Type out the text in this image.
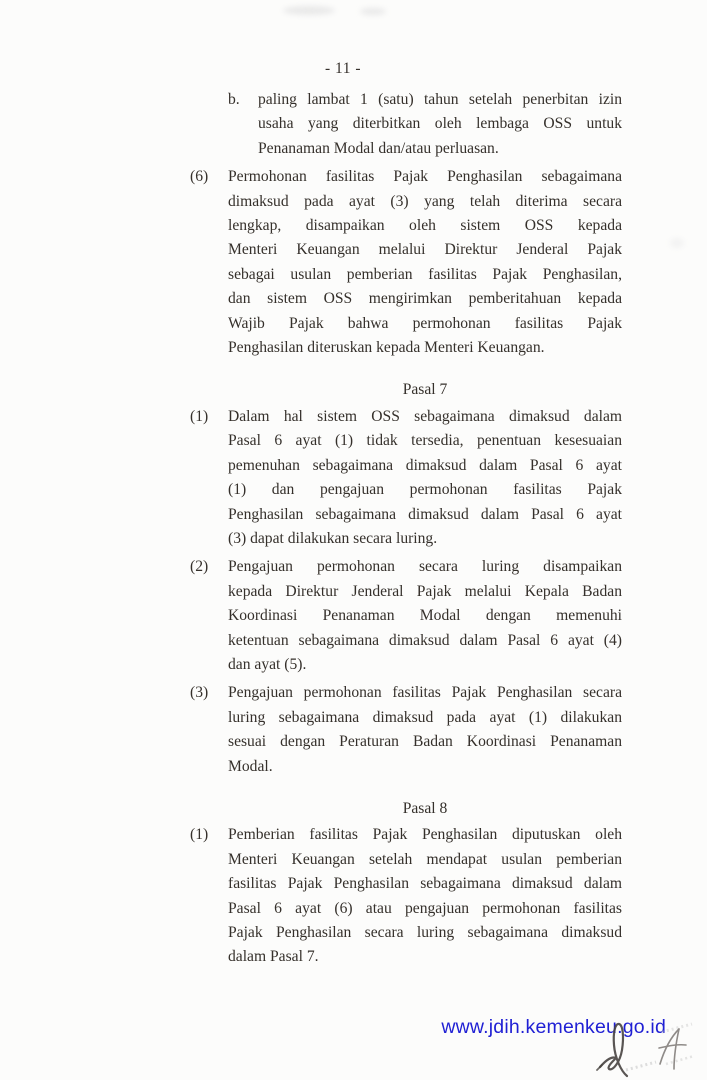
- 11 -
b.	paling lambat 1 (satu) tahun setelah penerbitan izin
usaha yang diterbitkan oleh lembaga OSS untuk
Penanaman Modal dan/atau perluasan.
(6)	Permohonan fasilitas Pajak Penghasilan sebagaimana
dimaksud pada ayat (3) yang telah diterima secara
lengkap, disampaikan oleh sistem OSS kepada
Menteri Keuangan melalui Direktur Jenderal Pajak
sebagai usulan pemberian fasilitas Pajak Penghasilan,
dan sistem OSS mengirimkan pemberitahuan kepada
Wajib Pajak bahwa permohonan fasilitas Pajak
Penghasilan diteruskan kepada Menteri Keuangan.
Pasal 7
(1)	Dalam hal sistem OSS sebagaimana dimaksud dalam
Pasal 6 ayat (1) tidak tersedia, penentuan kesesuaian
pemenuhan sebagaimana dimaksud dalam Pasal 6 ayat
(1) dan pengajuan permohonan fasilitas Pajak
Penghasilan sebagaimana dimaksud dalam Pasal 6 ayat
(3) dapat dilakukan secara luring.
(2)	Pengajuan permohonan secara luring disampaikan
kepada Direktur Jenderal Pajak melalui Kepala Badan
Koordinasi Penanaman Modal dengan memenuhi
ketentuan sebagaimana dimaksud dalam Pasal 6 ayat (4)
dan ayat (5).
(3)	Pengajuan permohonan fasilitas Pajak Penghasilan secara
luring sebagaimana dimaksud pada ayat (1) dilakukan
sesuai dengan Peraturan Badan Koordinasi Penanaman
Modal.
Pasal 8
(1)	Pemberian fasilitas Pajak Penghasilan diputuskan oleh
Menteri Keuangan setelah mendapat usulan pemberian
fasilitas Pajak Penghasilan sebagaimana dimaksud dalam
Pasal 6 ayat (6) atau pengajuan permohonan fasilitas
Pajak Penghasilan secara luring sebagaimana dimaksud
dalam Pasal 7.
www.jdih.kemenkeu.go.id
